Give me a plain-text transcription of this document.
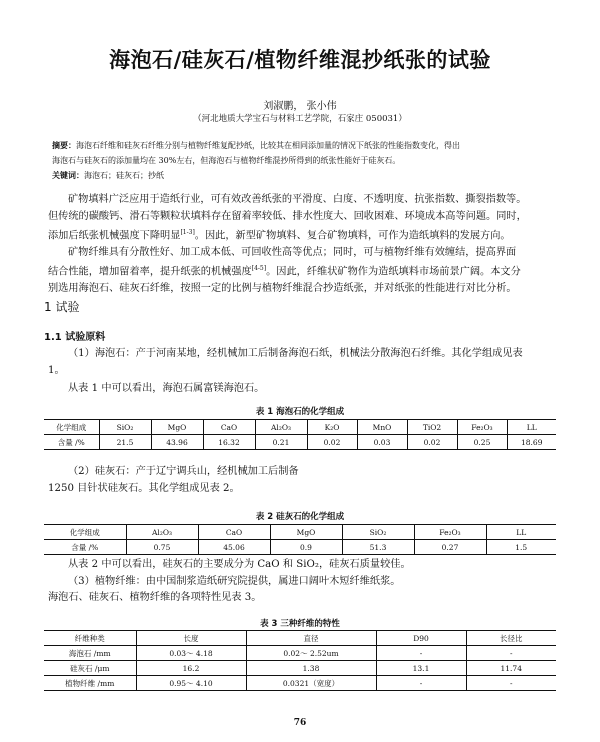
海泡石/硅灰石/植物纤维混抄纸张的试验
刘淑鹏， 张小伟
（河北地质大学宝石与材料工艺学院，石家庄 050031）
摘要：海泡石纤维和硅灰石纤维分别与植物纤维复配抄纸，比较其在相同添加量的情况下纸张的性能指数变化，得出
海泡石与硅灰石的添加量均在 30%左右，但海泡石与植物纤维混抄所得到的纸张性能好于硅灰石。
关键词：海泡石；硅灰石；抄纸
矿物填料广泛应用于造纸行业，可有效改善纸张的平滑度、白度、不透明度、抗张指数、撕裂指数等。
但传统的碳酸钙、滑石等颗粒状填料存在留着率较低、排水性度大、回收困难、环境成本高等问题。同时，
添加后纸张机械强度下降明显[1-3]。因此，新型矿物填料、复合矿物填料，可作为造纸填料的发展方向。
矿物纤维具有分散性好、加工成本低、可回收性高等优点；同时，可与植物纤维有效缠结，提高界面
结合性能，增加留着率，提升纸张的机械强度[4-5]。因此，纤维状矿物作为造纸填料市场前景广阔。本文分
别选用海泡石、硅灰石纤维，按照一定的比例与植物纤维混合抄造纸张，并对纸张的性能进行对比分析。
1 试验
1.1 试验原料
（1）海泡石：产于河南某地，经机械加工后制备海泡石纸，机械法分散海泡石纤维。其化学组成见表
1。
从表 1 中可以看出，海泡石属富镁海泡石。
表 1 海泡石的化学组成
化学组成	SiO₂	MgO	CaO	Al₂O₃	K₂O	MnO	TiO2	Fe₂O₃	LL
含量 /%	21.5	43.96	16.32	0.21	0.02	0.03	0.02	0.25	18.69
（2）硅灰石：产于辽宁调兵山，经机械加工后制备
1250 目针状硅灰石。其化学组成见表 2。
表 2 硅灰石的化学组成
化学组成	Al₂O₃	CaO	MgO	SiO₂	Fe₂O₃	LL
含量 /%	0.75	45.06	0.9	51.3	0.27	1.5
从表 2 中可以看出，硅灰石的主要成分为 CaO 和 SiO₂，硅灰石质量较佳。
（3）植物纤维：由中国制浆造纸研究院提供，属进口阔叶木短纤维纸浆。
海泡石、硅灰石、植物纤维的各项特性见表 3。
表 3 三种纤维的特性
纤维种类	长度	直径	D90	长径比
海泡石 /mm	0.03～ 4.18	0.02～ 2.52um	-	-
硅灰石 /μm	16.2	1.38	13.1	11.74
植物纤维 /mm	0.95～ 4.10	0.0321（宽度）	-	-
76
